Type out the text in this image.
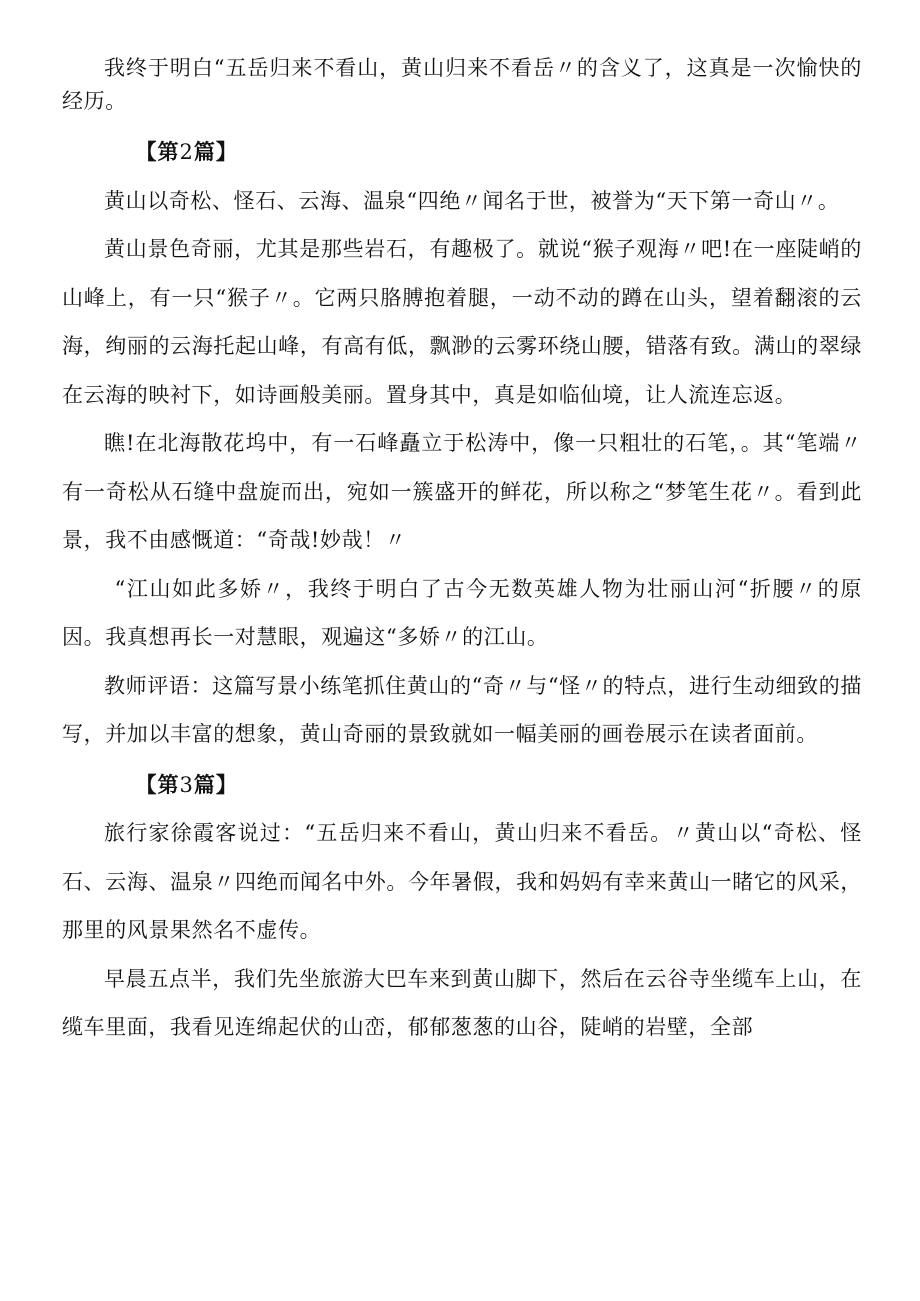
我终于明白“五岳归来不看山，黄山归来不看岳〃的含义了，这真是一次愉快的经历。

【第2篇】

黄山以奇松、怪石、云海、温泉“四绝〃闻名于世，被誉为“天下第一奇山〃。

黄山景色奇丽，尤其是那些岩石，有趣极了。就说“猴子观海〃吧!在一座陡峭的山峰上，有一只“猴子〃。它两只胳膊抱着腿，一动不动的蹲在山头，望着翻滚的云海，绚丽的云海托起山峰，有高有低，飘渺的云雾环绕山腰，错落有致。满山的翠绿在云海的映衬下，如诗画般美丽。置身其中，真是如临仙境，让人流连忘返。

瞧!在北海散花坞中，有一石峰矗立于松涛中，像一只粗壮的石笔，。其“笔端〃有一奇松从石缝中盘旋而出，宛如一簇盛开的鲜花，所以称之“梦笔生花〃。看到此景，我不由感慨道：“奇哉!妙哉！〃

“江山如此多娇〃，我终于明白了古今无数英雄人物为壮丽山河“折腰〃的原因。我真想再长一对慧眼，观遍这“多娇〃的江山。

教师评语：这篇写景小练笔抓住黄山的“奇〃与“怪〃的特点，进行生动细致的描写，并加以丰富的想象，黄山奇丽的景致就如一幅美丽的画卷展示在读者面前。

【第3篇】

旅行家徐霞客说过：“五岳归来不看山，黄山归来不看岳。〃黄山以“奇松、怪石、云海、温泉〃四绝而闻名中外。今年暑假，我和妈妈有幸来黄山一睹它的风采，那里的风景果然名不虚传。

早晨五点半，我们先坐旅游大巴车来到黄山脚下，然后在云谷寺坐缆车上山，在缆车里面，我看见连绵起伏的山峦，郁郁葱葱的山谷，陡峭的岩壁，全部
